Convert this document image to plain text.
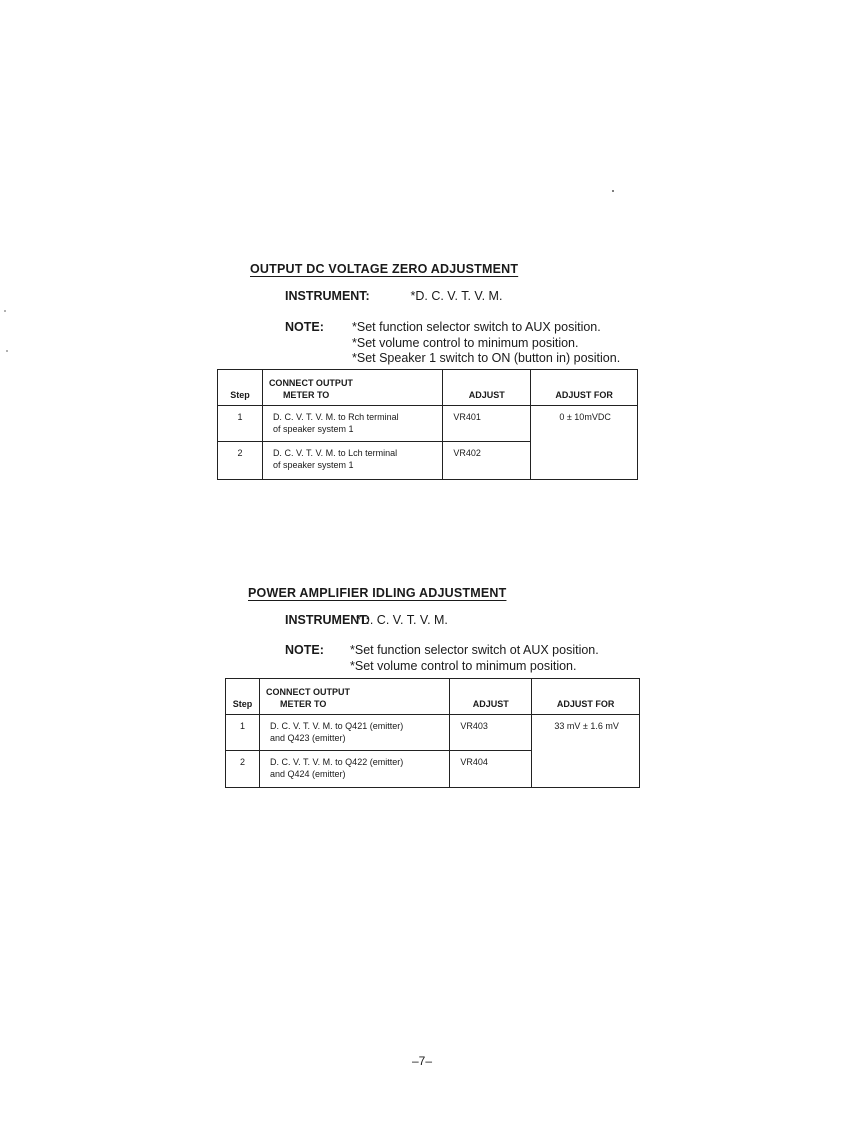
OUTPUT DC VOLTAGE ZERO ADJUSTMENT
INSTRUMENT:	*D. C. V. T. V. M.
NOTE: *Set function selector switch to AUX position.
*Set volume control to minimum position.
*Set Speaker 1 switch to ON (button in) position.
Step	CONNECT OUTPUT
METER TO	ADJUST	ADJUST FOR
1	D. C. V. T. V. M. to Rch terminal
of speaker system 1	VR401	0 ± 10mVDC
2	D. C. V. T. V. M. to Lch terminal
of speaker system 1	VR402	
POWER AMPLIFIER IDLING ADJUSTMENT
INSTRUMENT:  *D. C. V. T. V. M.
NOTE: *Set function selector switch ot AUX position.
*Set volume control to minimum position.
Step	CONNECT OUTPUT
METER TO	ADJUST	ADJUST FOR
1	D. C. V. T. V. M. to Q421 (emitter)
and Q423 (emitter)	VR403	33 mV ± 1.6 mV
2	D. C. V. T. V. M. to Q422 (emitter)
and Q424 (emitter)	VR404	
–7–
